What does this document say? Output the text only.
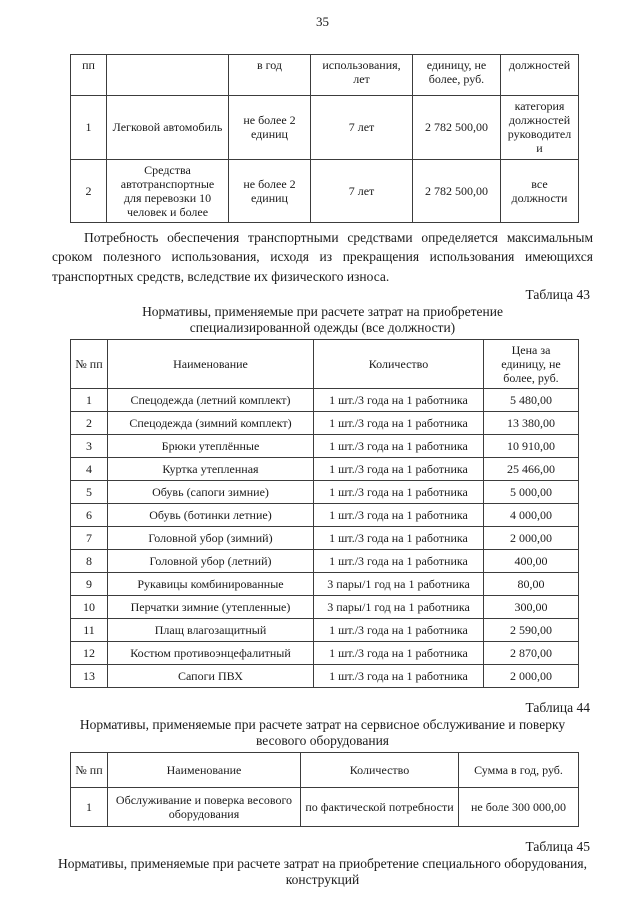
35
пп		в год	использования, лет	единицу, не более, руб.	должностей
1	Легковой автомобиль	не более 2 единиц	7 лет	2 782 500,00	категория должностей руководители
2	Средства автотранспортные для перевозки 10 человек и более	не более 2 единиц	7 лет	2 782 500,00	все должности

Потребность обеспечения транспортными средствами определяется максимальным сроком полезного использования, исходя из прекращения использования имеющихся транспортных средств, вследствие их физического износа.

Таблица 43
Нормативы, применяемые при расчете затрат на приобретение специализированной одежды (все должности)
№ пп	Наименование	Количество	Цена за единицу, не более, руб.
1	Спецодежда (летний комплект)	1 шт./3 года на 1 работника	5 480,00
2	Спецодежда (зимний комплект)	1 шт./3 года на 1 работника	13 380,00
3	Брюки утеплённые	1 шт./3 года на 1 работника	10 910,00
4	Куртка утепленная	1 шт./3 года на 1 работника	25 466,00
5	Обувь (сапоги зимние)	1 шт./3 года на 1 работника	5 000,00
6	Обувь (ботинки летние)	1 шт./3 года на 1 работника	4 000,00
7	Головной убор (зимний)	1 шт./3 года на 1 работника	2 000,00
8	Головной убор (летний)	1 шт./3 года на 1 работника	400,00
9	Рукавицы комбинированные	3 пары/1 год на 1 работника	80,00
10	Перчатки зимние (утепленные)	3 пары/1 год на 1 работника	300,00
11	Плащ влагозащитный	1 шт./3 года на 1 работника	2 590,00
12	Костюм противоэнцефалитный	1 шт./3 года на 1 работника	2 870,00
13	Сапоги ПВХ	1 шт./3 года на 1 работника	2 000,00
Таблица 44
Нормативы, применяемые при расчете затрат на сервисное обслуживание и поверку весового оборудования
№ пп	Наименование	Количество	Сумма в год, руб.
1	Обслуживание и поверка весового оборудования	по фактической потребности	не боле 300 000,00
Таблица 45
Нормативы, применяемые при расчете затрат на приобретение специального оборудования, конструкций
